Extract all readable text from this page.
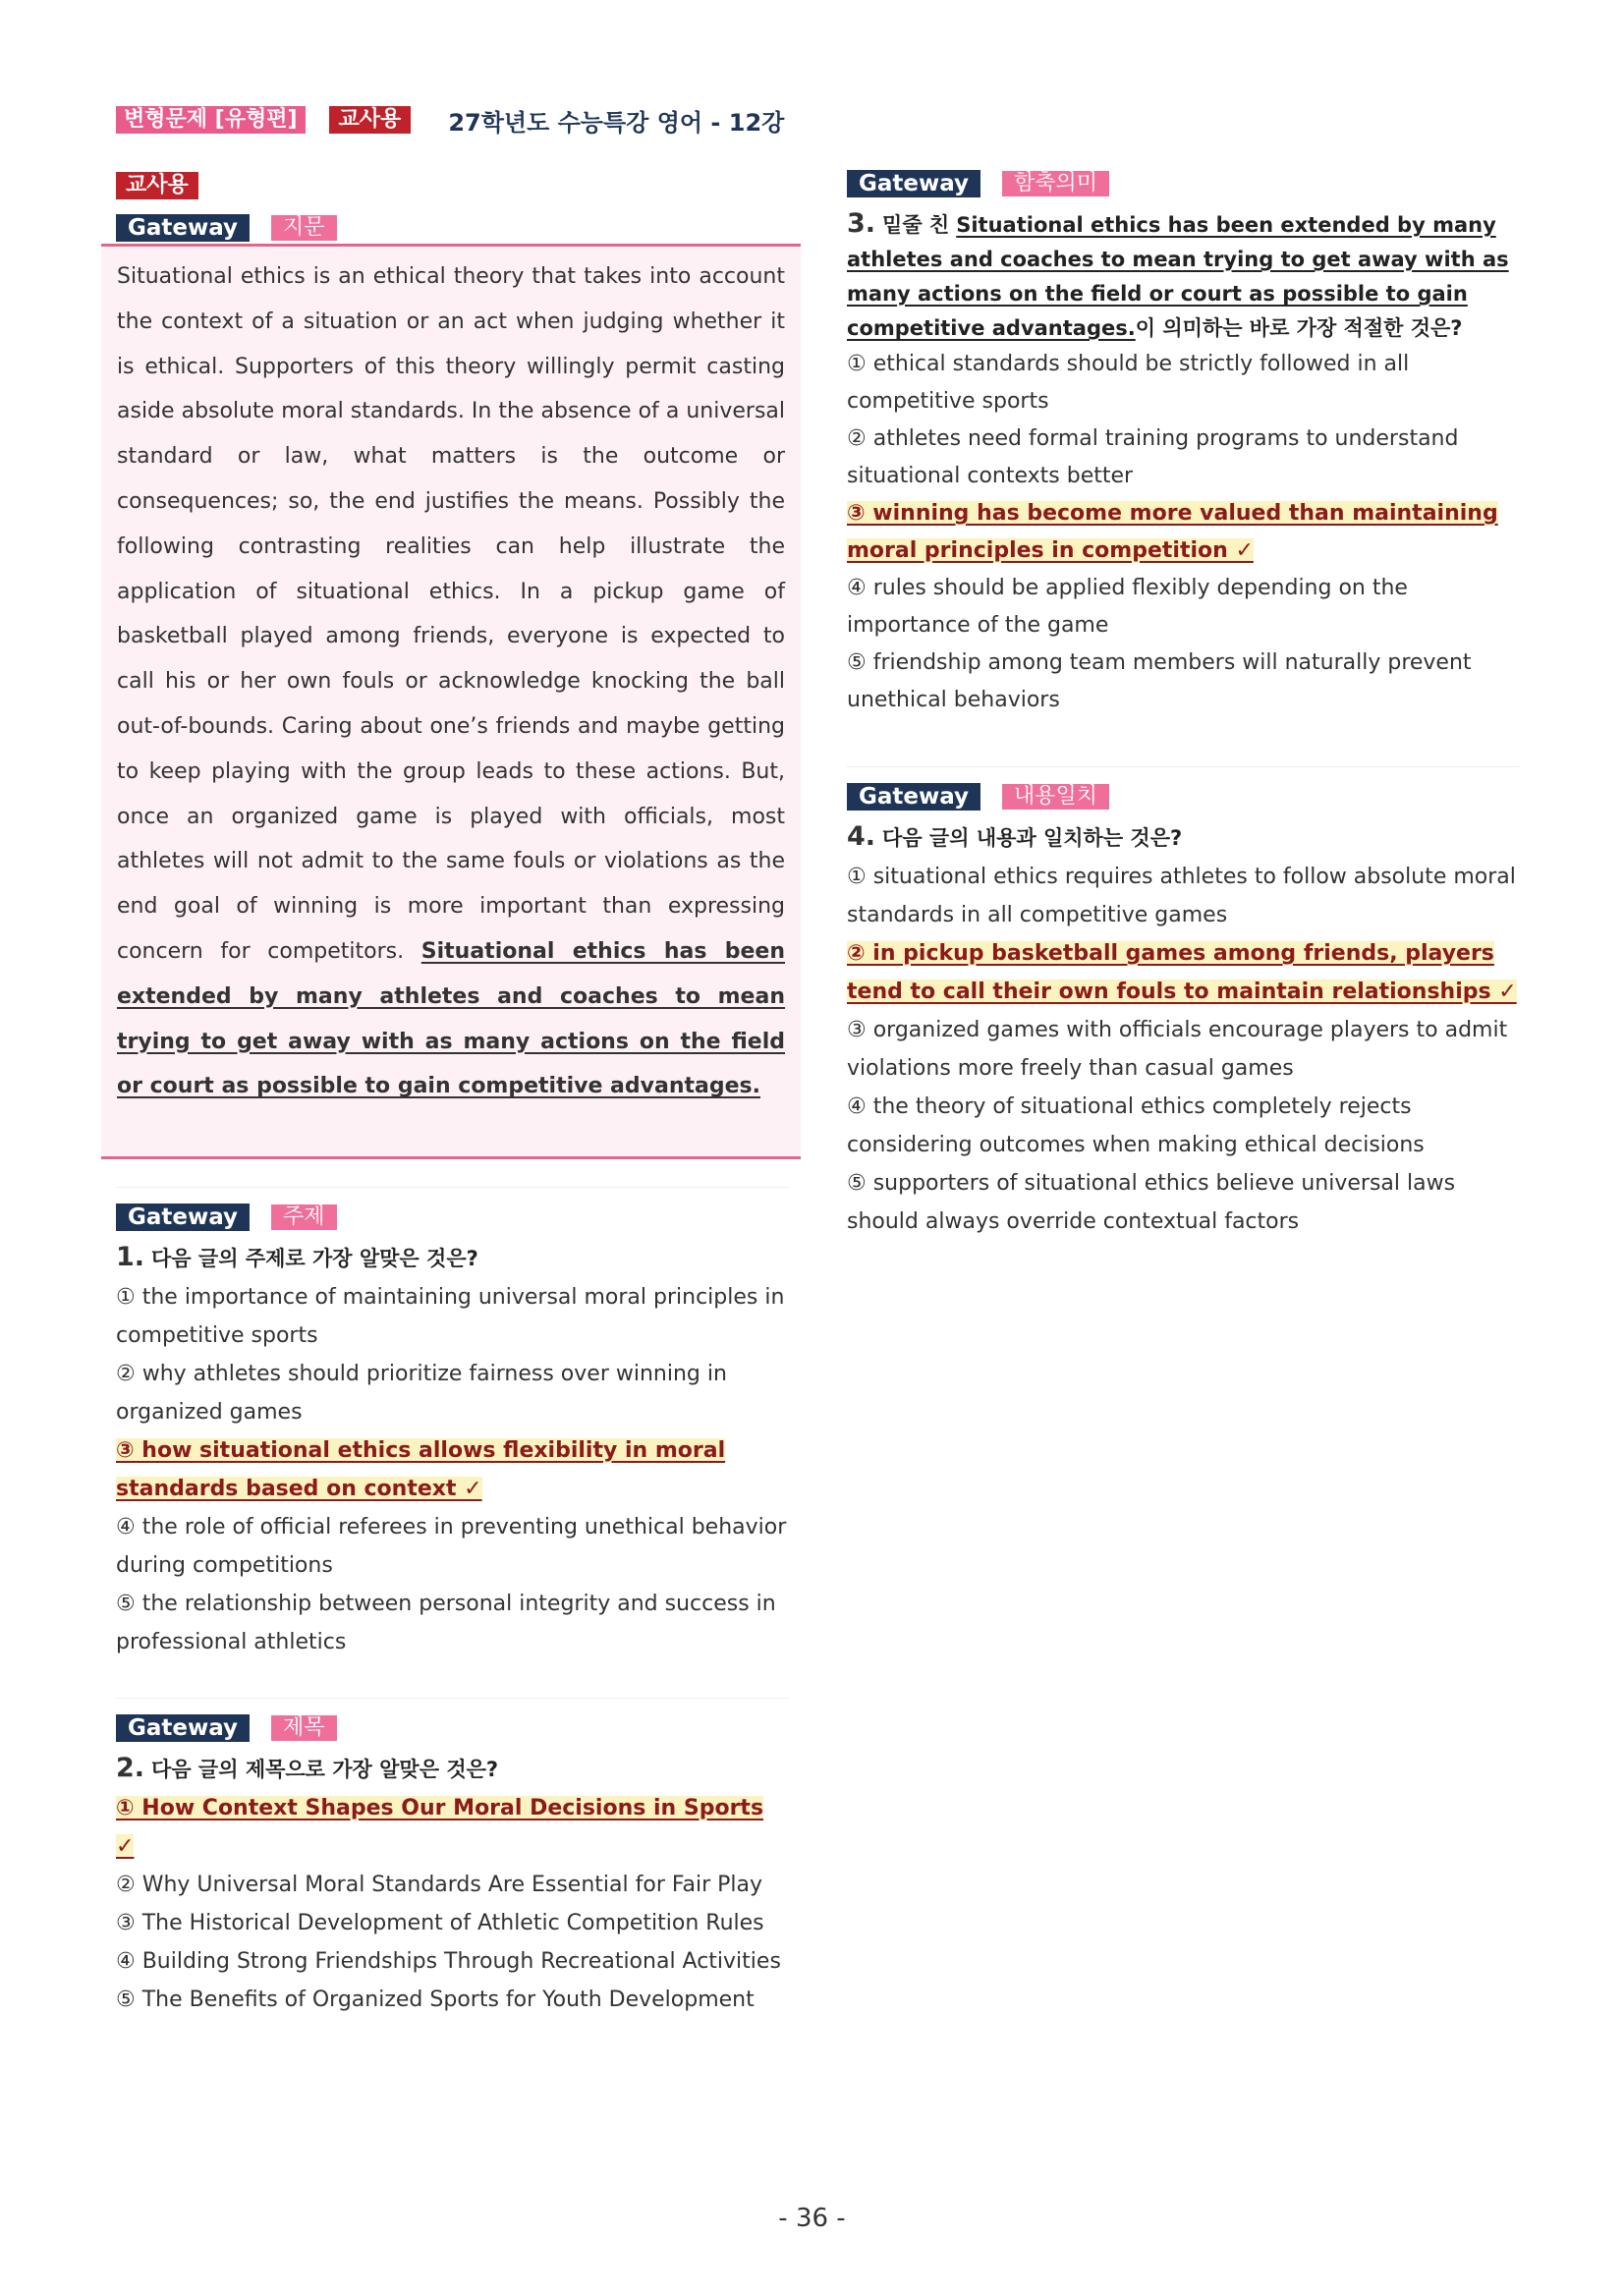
변형문제 [유형편]	교사용	27학년도 수능특강 영어 - 12강
교사용
Gateway	지문
Situational ethics is an ethical theory that takes into account the context of a situation or an act when judging whether it is ethical. Supporters of this theory willingly permit casting aside absolute moral standards. In the absence of a universal standard or law, what matters is the outcome or consequences; so, the end justifies the means. Possibly the following contrasting realities can help illustrate the application of situational ethics. In a pickup game of basketball played among friends, everyone is expected to call his or her own fouls or acknowledge knocking the ball out-of-bounds. Caring about one’s friends and maybe getting to keep playing with the group leads to these actions. But, once an organized game is played with officials, most athletes will not admit to the same fouls or violations as the end goal of winning is more important than expressing concern for competitors. Situational ethics has been extended by many athletes and coaches to mean trying to get away with as many actions on the field or court as possible to gain competitive advantages.
Gateway	주제
1. 다음 글의 주제로 가장 알맞은 것은?
① the importance of maintaining universal moral principles in competitive sports
② why athletes should prioritize fairness over winning in organized games
③ how situational ethics allows flexibility in moral standards based on context ✓
④ the role of official referees in preventing unethical behavior during competitions
⑤ the relationship between personal integrity and success in professional athletics
Gateway	제목
2. 다음 글의 제목으로 가장 알맞은 것은?
① How Context Shapes Our Moral Decisions in Sports ✓
② Why Universal Moral Standards Are Essential for Fair Play
③ The Historical Development of Athletic Competition Rules
④ Building Strong Friendships Through Recreational Activities
⑤ The Benefits of Organized Sports for Youth Development
Gateway	함축의미
3. 밑줄 친 Situational ethics has been extended by many athletes and coaches to mean trying to get away with as many actions on the field or court as possible to gain competitive advantages.이 의미하는 바로 가장 적절한 것은?
① ethical standards should be strictly followed in all competitive sports
② athletes need formal training programs to understand situational contexts better
③ winning has become more valued than maintaining moral principles in competition ✓
④ rules should be applied flexibly depending on the importance of the game
⑤ friendship among team members will naturally prevent unethical behaviors
Gateway	내용일치
4. 다음 글의 내용과 일치하는 것은?
① situational ethics requires athletes to follow absolute moral standards in all competitive games
② in pickup basketball games among friends, players tend to call their own fouls to maintain relationships ✓
③ organized games with officials encourage players to admit violations more freely than casual games
④ the theory of situational ethics completely rejects considering outcomes when making ethical decisions
⑤ supporters of situational ethics believe universal laws should always override contextual factors
- 36 -
